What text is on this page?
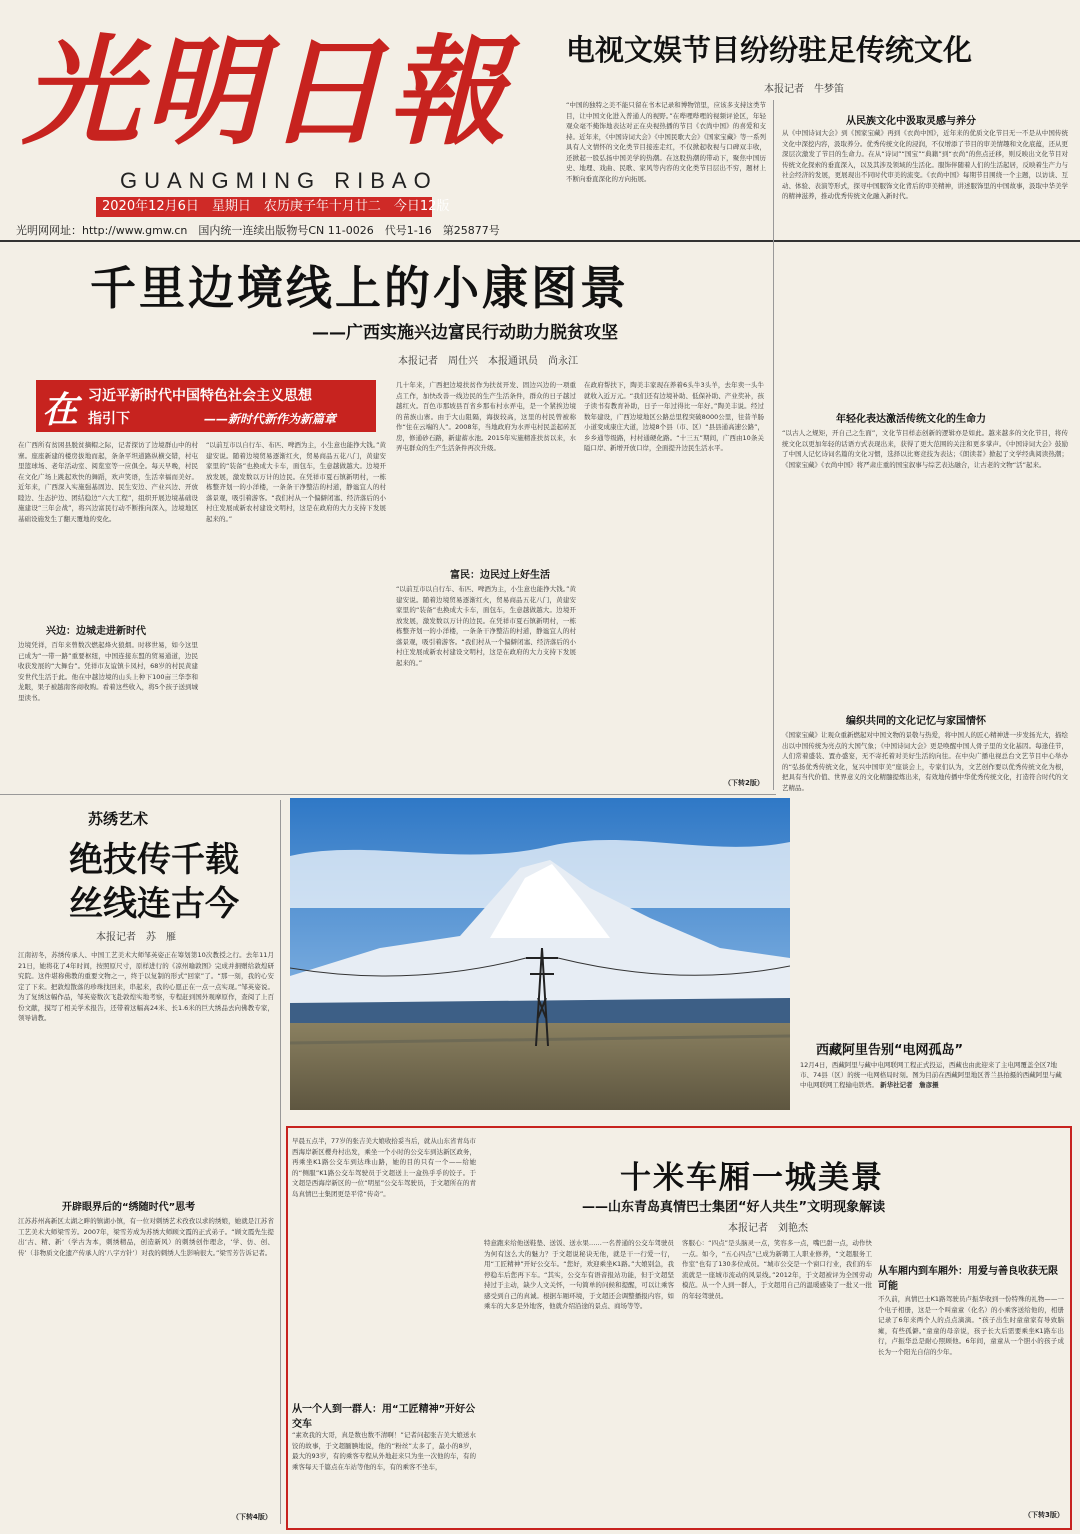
光明日報
GUANGMING RIBAO
2020年12月6日　星期日　农历庚子年十月廿二　今日12版
光明网网址：http://www.gmw.cn　国内统一连续出版物号CN 11-0026　代号1-16　第25877号
电视文娱节目纷纷驻足传统文化
本报记者　牛梦笛
“中国的独特之美不能只留在书本记录和博物馆里，应该多支持这类节目，让中国文化进入普通人的视野。”在哔哩哔哩的视频评论区，年轻观众毫不掩饰地表达对正在央视热播的节目《衣尚中国》的喜爱和支持。近年来，《中国诗词大会》《中国民歌大会》《国家宝藏》等一系列具有人文情怀的文化类节目接连走红，不仅掀起收视与口碑双丰收，还掀起一股弘扬中国美学的热潮。在这股热潮的带动下，聚焦中国历史、地理、戏曲、民歌、家风等内容的文化类节目层出不穷，题材上不断向垂直深化的方向拓展。
从民族文化中汲取灵感与养分
从《中国诗词大会》到《国家宝藏》再到《衣尚中国》，近年来的优质文化节目无一不是从中国传统文化中深挖内容，汲取养分。优秀传统文化的浸润，不仅增添了节目的审美情趣和文化底蕴，还从更深层次激发了节目的生命力。在从“诗词”“国宝”“典籍”到“衣尚”的焦点迁移，则反映出文化节目对传统文化探索的垂直深入，以及其涉及领域的生活化。服饰伴随着人们的生活起居，反映着生产力与社会经济的发展，更展现出不同时代审美的流变。《衣尚中国》每期节目围绕一个主题，以访谈、互动、体验、表演等形式，探寻中国服饰文化背后的审美精神，讲述服饰里的中国故事，汲取中华美学的精神滋养，推动优秀传统文化融入新时代。
年轻化表达激活传统文化的生命力
“以古人之规矩，开自己之生面”，文化节目样态创新的逻辑亦是如此。越来越多的文化节目，将传统文化以更加年轻的话语方式表现出来，获得了更大范围的关注和更多掌声。《中国诗词大会》鼓励了中国人记忆诗词名篇的文化习惯，选择以比赛竞技为表达；《朗读者》掀起了文学经典阅读热潮；《国家宝藏》《衣尚中国》将严肃庄重的国宝叙事与综艺表达融合，让古老的文物“活”起来。
编织共同的文化记忆与家国情怀
《国家宝藏》让观众重新燃起对中国文物的景敬与热爱，将中国人的匠心精神进一步发扬光大，描绘出以中国传统为亮点的大国气象；《中国诗词大会》更是唤醒中国人骨子里的文化基因。每逢佳节，人们常着盛装、置办盛宴，无不寄托着对美好生活的向往。在中央广播电视总台文艺节目中心举办的“弘扬优秀传统文化，复兴中国审美”座谈会上，专家们认为，文艺创作要以优秀传统文化为根，把具有当代价值、世界意义的文化精髓提炼出来，有效地传播中华优秀传统文化，打造符合时代的文艺精品。
千里边境线上的小康图景
——广西实施兴边富民行动助力脱贫攻坚
本报记者　周仕兴　本报通讯员　尚永江
在 习近平新时代中国特色社会主义思想
指引下	——新时代新作为新篇章
在广西所有贫困县脱贫摘帽之际，记者探访了边境群山中的村寨。座座新建的楼房拔地而起，条条平坦道路纵横交错，村屯里篮球场、老年活动室、阅览室等一应俱全。每天早晚，村民在文化广场上跳起欢快的舞蹈，欢声笑语，生活幸福而美好。近年来，广西深入实施强基固边、民生安边、产业兴边、开放睦边、生态护边、团结稳边“六大工程”，组织开展边境基础设施建设“三年会战”，将兴边富民行动不断推向深入，边境地区基础设施发生了翻天覆地的变化。
兴边：边城走进新时代
边境凭祥，百年来曾数次燃起烽火狼烟。时移世易，如今这里已成为“一带一路”重要枢纽，中国连接东盟的贸易通道，边民收获发展的“大舞台”。凭祥市友谊镇卡凤村，68岁的村民黄建安世代生活于此。他在中越边境的山头上种下100亩三华李和龙眼，果子被越南客商收购。看着这些收入，将5个孩子送到城里读书。
“以前互市以自行车、布匹、啤酒为主，小生意也能挣大钱。”黄建安说。随着边境贸易逐渐红火，贸易商品五花八门，黄建安家里的“装备”也换成大卡车，面包车，生意越做越大。边境开放发展，激发数以万计的边民。在凭祥市夏石镇新明村，一栋栋整齐划一的小洋楼，一条条干净整洁的村道，静谧宜人的村落景观，吸引着游客。“我们村从一个偏僻闭塞、经济落后的小村庄发展成新农村建设文明村，这是在政府的大力支持下发展起来的。”
几十年来，广西把边境扶贫作为扶贫开发、固边兴边的一项重点工作，加快改善一线边民的生产生活条件，群众的日子越过越红火。百色市那坡县百省乡那布村水弄屯，是一个紧挨边境的苗族山寨。由于大山阻隔，海拔较高，这里的村民曾被称作“住在云端的人”。2008年，当地政府为水弄屯村民盖起砖瓦房，修通砂石路，新建蓄水池。2015年实施精准扶贫以来，水弄屯群众的生产生活条件再次升级。
富民：边民过上好生活
“以前互市以自行车、布匹、啤酒为主，小生意也能挣大钱。”黄建安说。随着边境贸易逐渐红火，贸易商品五花八门，黄建安家里的“装备”也换成大卡车，面包车，生意越做越大。边境开放发展，激发数以万计的边民。在凭祥市夏石镇新明村，一栋栋整齐划一的小洋楼，一条条干净整洁的村道，静谧宜人的村落景观，吸引着游客。“我们村从一个偏僻闭塞、经济落后的小村庄发展成新农村建设文明村，这是在政府的大力支持下发展起来的。”
在政府帮扶下，陶美丰家现在养着6头牛3头羊，去年卖一头牛就收入近万元。“我们还有边境补助、低保补助、产业奖补，孩子读书有教育补助，日子一年过得比一年好。”陶美丰说。经过数年建设，广西边境地区公路总里程突破8000公里，往昔羊肠小道变成康庄大道，边境8个县（市、区）“县县通高速公路”，乡乡通等级路，村村通硬化路。“十三五”期间，广西由10条关隘口岸、新增开放口岸，全面提升边民生活水平。
（下转2版）
西藏阿里告别“电网孤岛”
12月4日，西藏阿里与藏中电网联网工程正式投运，西藏也由此迎来了主电网覆盖全区7地市、74县（区）的统一电网格局时刻。图为目前在西藏阿里地区普兰县拍摄的西藏阿里与藏中电网联网工程输电铁塔。 新华社记者　詹彦摄
苏绣艺术
绝技传千载
丝线连古今
本报记者　苏　雁
江南初冬，苏绣传承人、中国工艺美术大师邹英姿正在筹划第10次教授之行。去年11月21日，她将花了4年时间，按照原尺寸，原样进行的《凉州喻敦图》完成并捐赠给敦煌研究院。这件堪称佛教的重要文物之一，终于以复制的形式“回家”了。“那一刻，我的心安定了下来。把敦煌散落的珍珠找回来，串起来，我的心愿正在一点一点实现。”邹英姿说。为了复绣这幅作品，邹英姿数次飞赴敦煌实地考察，专程赶到国外观摩原作，查阅了上百份文献，摸写了相关学术报告，还带着这幅高24米、长1.6米的巨大绣品去向佛教专家，领导请教。
开辟眼界后的“绣随时代”思考
江苏苏州高新区太湖之畔的镇湖小镇，有一位对刺绣艺术孜孜以求的绣娘，她就是江苏省工艺美术大师梁雪芳。2007年，梁雪芳成为苏绣大师顾文霞的正式弟子。“顾文霞先生提出‘古、精、新’（学古为本，刺绣精品，创造新风）的刺绣创作理念，‘学、仿、创、传’（非物质文化遗产传承人的‘八字方针’）对我的刺绣人生影响很大。”梁雪芳告诉记者。
（下转4版）
十米车厢一城美景
——山东青岛真情巴士集团“好人共生”文明现象解读
本报记者　刘艳杰
早晨五点半，77岁的张吉美大娘收拾妥当后，就从山东省青岛市西海岸新区樱舟村出发，乘坐一个小时的公交车到达新区政务，再乘坐K1路公交车到达珠山路，她的目的只有一个——给她的“侧服”K1路公交车驾驶员于文超送上一盒热乎乎的饺子。于文超是西海岸新区的一位“明星”公交车驾驶员，于文超所在的青岛真情巴士集团更是平常“传奇”。
从一个人到一群人：用“工匠精神”开好公交车
“素欢我的大哥，真是数也数不清啊！”记者问起张吉美大娘送水饺的故事，于文超腼腆地说，他的“粉丝”太多了，最小的8岁，最大的93岁，有的乘客专程从外地赶来只为坐一次他的车，有的乘客每天千篇点在车站等他的车，有的乘客不坐车，
特意跑来给他送鞋垫、送饭、送水果……一名普通的公交车驾驶员为何有这么大的魅力？于文超说秘诀无他，就是干一行爱一行，用“工匠精神”开好公交车。“您好，欢迎乘坐K1路。”大娘别急，我停稳车后您再下车。“其实，公交车有语音报站功能，但于文超坚持过于主动，缺少人文关怀，一句简单的问候和提醒，可以让乘客感受到自己的真诚。根据车厢环境，于文超还会调整播报内容，如乘车的大多是外地客，他就介绍沿途的景点、商场等等。
客服心：“四点”是头脑灵一点，笑容多一点，嘴巴甜一点，动作快一点。如今，“五心四点”已成为新聘工人职业修养，“文超服务工作室”也有了130多位成员。“城市公交是一个窗口行业，我们的车流就是一座城市流动的风景线。”2012年，于文超被评为全国劳动模范。从一个人到一群人，于文超用自己的温暖感染了一批又一批的年轻驾驶员。
从车厢内到车厢外：用爱与善良收获无限可能
不久前，真情巴士K1路驾驶员卢振华收到一份特殊的礼物——一个电子相册，这是一个叫童童（化名）的小乘客送给他的，相册记录了6年来两个人的点点滴滴。“孩子出生时童童家有导致脑瘫，有些孤僻。”童童的母亲说，孩子长大后需要乘坐K1路车出行，卢振华总是耐心照顾他。6年间，童童从一个胆小的孩子成长为一个阳光自信的少年。
（下转3版）
